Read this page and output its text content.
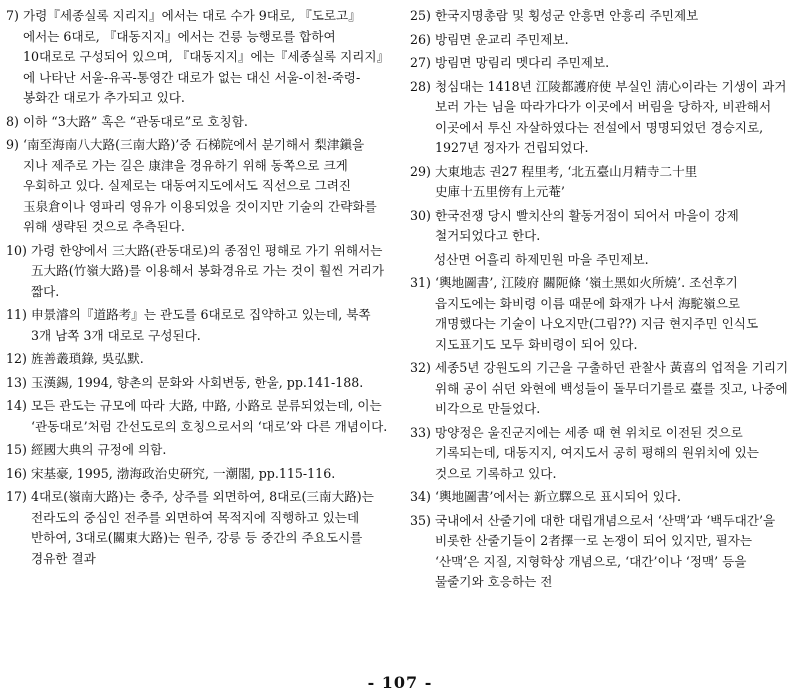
7) 가령『세종실록 지리지』에서는 대로 수가 9대로, 『도로고』에서는 6대로, 『대동지지』에서는 건릉 능행로를 합하여 10대로로 구성되어 있으며, 『대동지지』에는『세종실록 지리지』에 나타난 서울-유곡-통영간 대로가 없는 대신 서울-이천-죽령-봉화간 대로가 추가되고 있다.
8) 이하 “3大路” 혹은 “관동대로”로 호칭함.
9) ‘南至海南八大路(三南大路)’중 石梯院에서 분기해서 梨津鎭을 지나 제주로 가는 길은 康津을 경유하기 위해 동쪽으로 크게 우회하고 있다. 실제로는 대동여지도에서도 직선으로 그려진 玉泉倉이나 영파리 영유가 이용되었을 것이지만 기술의 간략화를 위해 생략된 것으로 추측된다.
10) 가령 한양에서 三大路(관동대로)의 종점인 평해로 가기 위해서는 五大路(竹嶺大路)를 이용해서 봉화경유로 가는 것이 훨씬 거리가 짧다.
11) 申景濬의『道路考』는 관도를 6대로로 집약하고 있는데, 북쪽 3개 남쪽 3개 대로로 구성된다.
12) 旌善叢瑣錄, 吳弘默.
13) 玉漢錫, 1994, 향촌의 문화와 사회변동, 한울, pp.141-188.
14) 모든 관도는 규모에 따라 大路, 中路, 小路로 분류되었는데, 이는 ‘관동대로’처럼 간선도로의 호칭으로서의 ‘대로’와 다른 개념이다.
15) 經國大典의 규정에 의함.
16) 宋基豪, 1995, 渤海政治史硏究, 一潮閣, pp.115-116.
17) 4대로(嶺南大路)는 충주, 상주를 외면하여, 8대로(三南大路)는 전라도의 중심인 전주를 외면하여 목적지에 직행하고 있는데 반하여, 3대로(關東大路)는 원주, 강릉 등 중간의 주요도시를 경유한 결과
25) 한국지명총람 및 횡성군 안흥면 안흥리 주민제보
26) 방림면 운교리 주민제보.
27) 방림면 망림리 멧다리 주민제보.
28) 청심대는 1418년 江陵都護府使 부실인 淸心이라는 기생이 과거 보러 가는 님을 따라가다가 이곳에서 버림을 당하자, 비관해서 이곳에서 투신 자살하였다는 전설에서 명명되었던 경승지로, 1927년 정자가 건립되었다.
29) 大東地志 권27 程里考, ‘北五臺山月精寺二十里 史庫十五里傍有上元菴’
30) 한국전쟁 당시 빨치산의 활동거점이 되어서 마을이 강제 철거되었다고 한다.
성산면 어흘리 하제민원 마을 주민제보.
31) ‘輿地圖書’, 江陵府 關阨條 ‘嶺土黑如火所燒’. 조선후기 읍지도에는 화비령 이름 때문에 화재가 나서 海駝嶺으로 개명했다는 기술이 나오지만(그림??) 지금 현지주민 인식도 지도표기도 모두 화비령이 되어 있다.
32) 세종5년 강원도의 기근을 구출하던 관찰사 黃喜의 업적을 기리기 위해 공이 쉬던 와현에 백성들이 돌무더기를로 臺를 짓고, 나중에 비각으로 만들었다.
33) 망양정은 울진군지에는 세종 때 현 위치로 이전된 것으로 기록되는데, 대동지지, 여지도서 공히 평해의 원위치에 있는 것으로 기록하고 있다.
34) ‘輿地圖書’에서는 新立驛으로 표시되어 있다.
35) 국내에서 산줄기에 대한 대립개념으로서 ‘산맥’과 ‘백두대간’을 비롯한 산줄기들이 2者擇一로 논쟁이 되어 있지만, 필자는 ‘산맥’은 지질, 지형학상 개념으로, ‘대간’이나 ‘정맥’ 등을 물줄기와 호응하는 전
- 107 -
